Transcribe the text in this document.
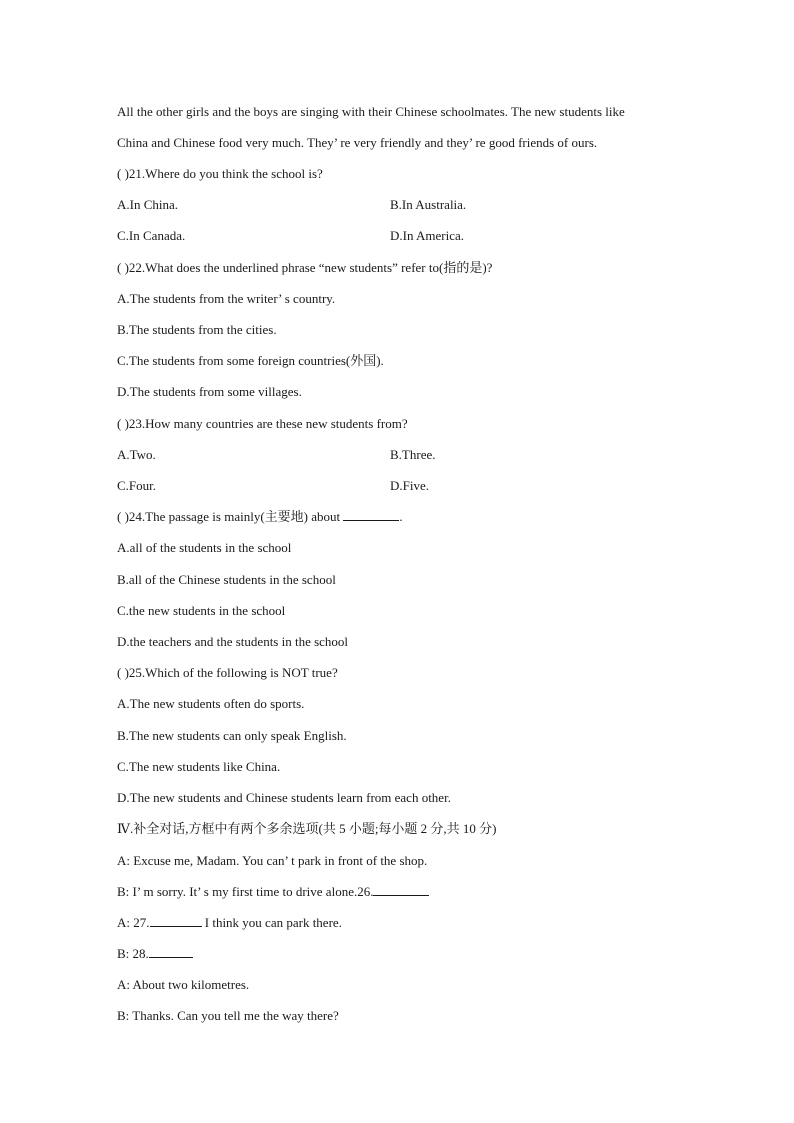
All the other girls and the boys are singing with their Chinese schoolmates. The new students like
China and Chinese food very much. They’ re very friendly and they’ re good friends of ours.
( )21.Where do you think the school is?
A.In China.	B.In Australia.
C.In Canada.	D.In America.
( )22.What does the underlined phrase “new students” refer to(指的是)?
A.The students from the writer’ s country.
B.The students from the cities.
C.The students from some foreign countries(外国).
D.The students from some villages.
( )23.How many countries are these new students from?
A.Two.	B.Three.
C.Four.	D.Five.
( )24.The passage is mainly(主要地) about	.
A.all of the students in the school
B.all of the Chinese students in the school
C.the new students in the school
D.the teachers and the students in the school
( )25.Which of the following is NOT true?
A.The new students often do sports.
B.The new students can only speak English.
C.The new students like China.
D.The new students and Chinese students learn from each other.
Ⅳ.补全对话,方框中有两个多余选项(共 5 小题;每小题 2 分,共 10 分)
A: Excuse me, Madam. You can’ t park in front of the shop.
B: I’ m sorry. It’ s my first time to drive alone.26.
A: 27.	I think you can park there.
B: 28.
A: About two kilometres.
B: Thanks. Can you tell me the way there?
